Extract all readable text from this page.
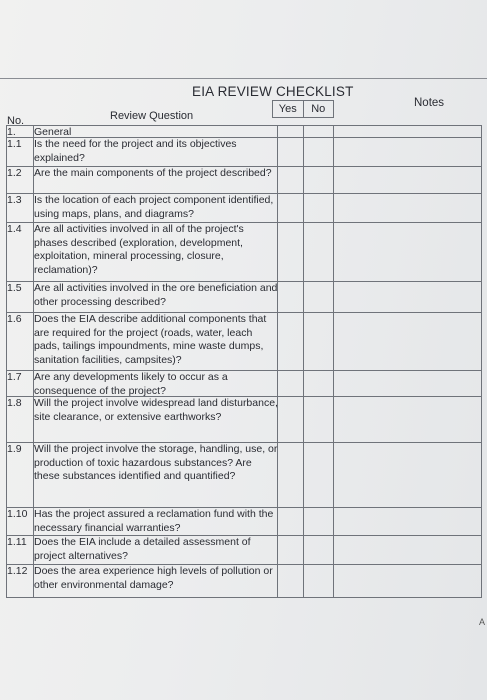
EIA REVIEW CHECKLIST
Yes	No	Notes
No.	Review Question
1.	General
1.1	Is the need for the project and its objectives explained?
1.2	Are the main components of the project described?
1.3	Is the location of each project component identified, using maps, plans, and diagrams?
1.4	Are all activities involved in all of the project's phases described (exploration, development, exploitation, mineral processing, closure, reclamation)?
1.5	Are all activities involved in the ore beneficiation and other processing described?
1.6	Does the EIA describe additional components that are required for the project (roads, water, leach pads, tailings impoundments, mine waste dumps, sanitation facilities, campsites)?
1.7	Are any developments likely to occur as a consequence of the project?
1.8	Will the project involve widespread land disturbance, site clearance, or extensive earthworks?
1.9	Will the project involve the storage, handling, use, or production of toxic hazardous substances? Are these substances identified and quantified?
1.10 Has the project assured a reclamation fund with the necessary financial warranties?
1.11 Does the EIA include a detailed assessment of project alternatives?
1.12 Does the area experience high levels of pollution or other environmental damage?
A
